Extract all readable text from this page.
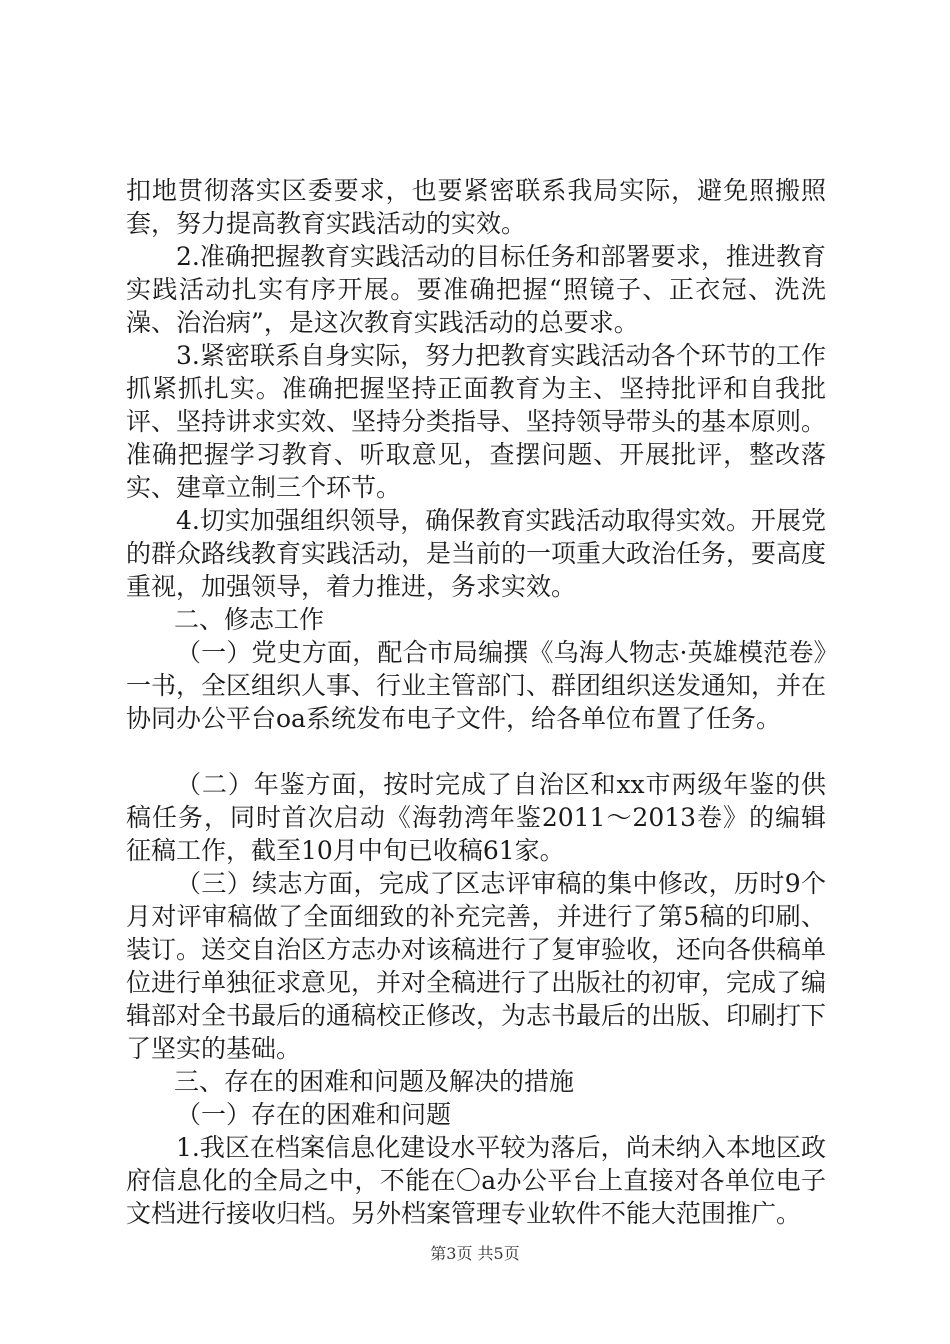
扣地贯彻落实区委要求，也要紧密联系我局实际，避免照搬照套，努力提高教育实践活动的实效。

2.准确把握教育实践活动的目标任务和部署要求，推进教育实践活动扎实有序开展。要准确把握“照镜子、正衣冠、洗洗澡、治治病”，是这次教育实践活动的总要求。

3.紧密联系自身实际，努力把教育实践活动各个环节的工作抓紧抓扎实。准确把握坚持正面教育为主、坚持批评和自我批评、坚持讲求实效、坚持分类指导、坚持领导带头的基本原则。准确把握学习教育、听取意见，查摆问题、开展批评，整改落实、建章立制三个环节。

4.切实加强组织领导，确保教育实践活动取得实效。开展党的群众路线教育实践活动，是当前的一项重大政治任务，要高度重视，加强领导，着力推进，务求实效。

二、修志工作

（一）党史方面，配合市局编撰《乌海人物志·英雄模范卷》一书，全区组织人事、行业主管部门、群团组织送发通知，并在协同办公平台oa系统发布电子文件，给各单位布置了任务。

（二）年鉴方面，按时完成了自治区和xx市两级年鉴的供稿任务，同时首次启动《海勃湾年鉴2011～2013卷》的编辑征稿工作，截至10月中旬已收稿61家。

（三）续志方面，完成了区志评审稿的集中修改，历时9个月对评审稿做了全面细致的补充完善，并进行了第5稿的印刷、装订。送交自治区方志办对该稿进行了复审验收，还向各供稿单位进行单独征求意见，并对全稿进行了出版社的初审，完成了编辑部对全书最后的通稿校正修改，为志书最后的出版、印刷打下了坚实的基础。

三、存在的困难和问题及解决的措施

（一）存在的困难和问题

1.我区在档案信息化建设水平较为落后，尚未纳入本地区政府信息化的全局之中，不能在〇a办公平台上直接对各单位电子文档进行接收归档。另外档案管理专业软件不能大范围推广。

第3页 共5页
